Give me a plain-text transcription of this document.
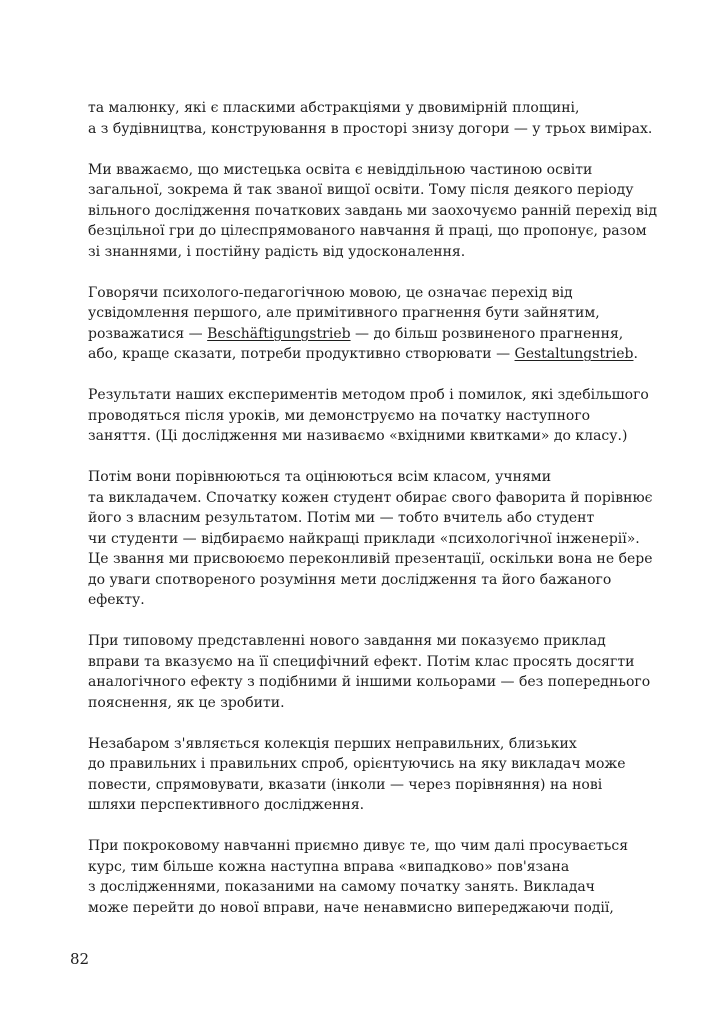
та малюнку, які є пласкими абстракціями у двовимірній площині,
а з будівництва, конструювання в просторі знизу догори — у трьох вимірах.

Ми вважаємо, що мистецька освіта є невіддільною частиною освіти
загальної, зокрема й так званої вищої освіти. Тому після деякого періоду
вільного дослідження початкових завдань ми заохочуємо ранній перехід від
безцільної гри до цілеспрямованого навчання й праці, що пропонує, разом
зі знаннями, і постійну радість від удосконалення.

Говорячи психолого-педагогічною мовою, це означає перехід від
усвідомлення першого, але примітивного прагнення бути зайнятим,
розважатися — Beschäftigungstrieb — до більш розвиненого прагнення,
або, краще сказати, потреби продуктивно створювати — Gestaltungstrieb.

Результати наших експериментів методом проб і помилок, які здебільшого
проводяться після уроків, ми демонструємо на початку наступного
заняття. (Ці дослідження ми називаємо «вхідними квитками» до класу.)

Потім вони порівнюються та оцінюються всім класом, учнями
та викладачем. Спочатку кожен студент обирає свого фаворита й порівнює
його з власним результатом. Потім ми — тобто вчитель або студент
чи студенти — відбираємо найкращі приклади «психологічної інженерії».
Це звання ми присвоюємо переконливій презентації, оскільки вона не бере
до уваги спотвореного розуміння мети дослідження та його бажаного
ефекту.

При типовому представленні нового завдання ми показуємо приклад
вправи та вказуємо на її специфічний ефект. Потім клас просять досягти
аналогічного ефекту з подібними й іншими кольорами — без попереднього
пояснення, як це зробити.

Незабаром з'являється колекція перших неправильних, близьких
до правильних і правильних спроб, орієнтуючись на яку викладач може
повести, спрямовувати, вказати (інколи — через порівняння) на нові
шляхи перспективного дослідження.

При покроковому навчанні приємно дивує те, що чим далі просувається
курс, тим більше кожна наступна вправа «випадково» пов'язана
з дослідженнями, показаними на самому початку занять. Викладач
може перейти до нової вправи, наче ненавмисно випереджаючи події,

82
